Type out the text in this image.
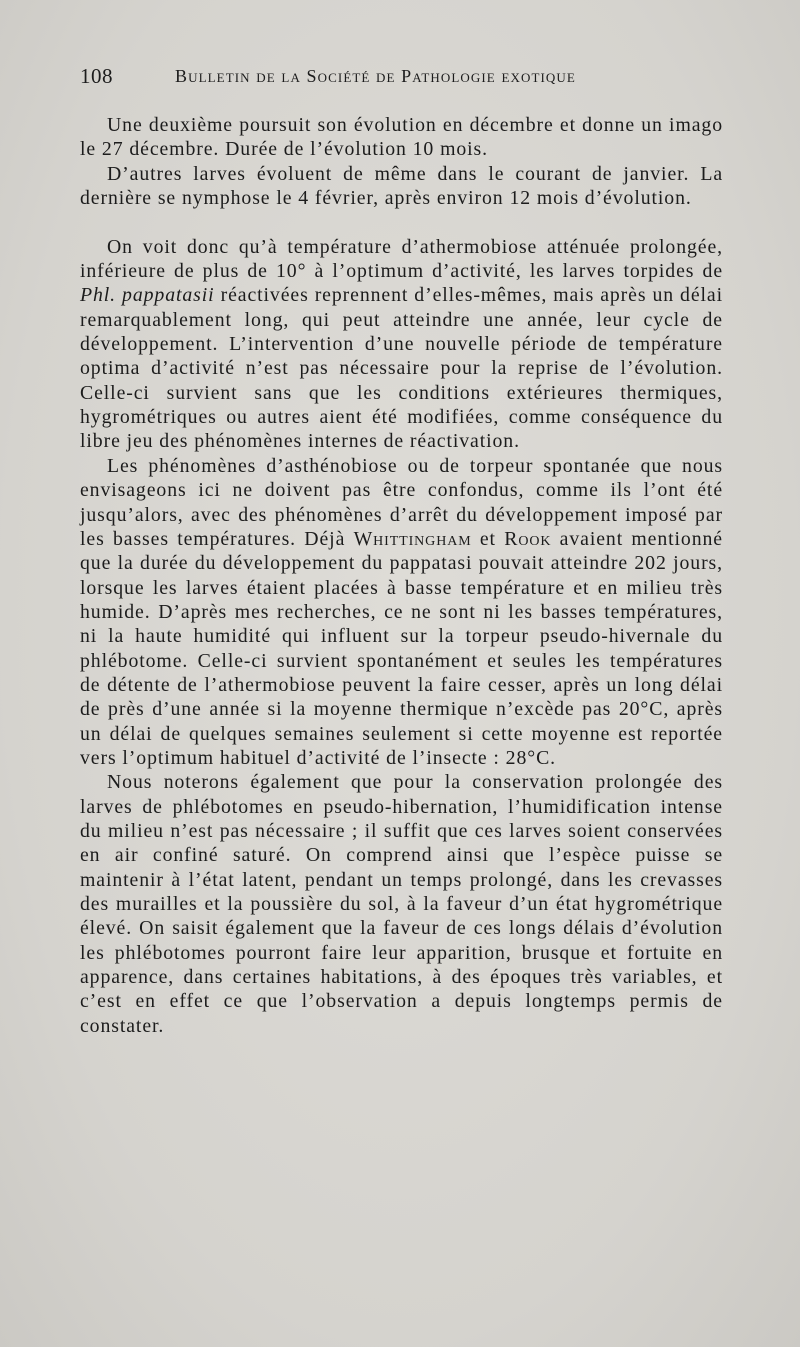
108	Bulletin de la Société de Pathologie exotique

Une deuxième poursuit son évolution en décembre et donne un imago le 27 décembre. Durée de l’évolution 10 mois.

D’autres larves évoluent de même dans le courant de janvier. La dernière se nymphose le 4 février, après environ 12 mois d’évolution.

On voit donc qu’à température d’athermobiose atténuée prolongée, inférieure de plus de 10° à l’optimum d’activité, les larves torpides de Phl. pappatasii réactivées reprennent d’elles-mêmes, mais après un délai remarquablement long, qui peut atteindre une année, leur cycle de développement. L’intervention d’une nouvelle période de température optima d’activité n’est pas nécessaire pour la reprise de l’évolution. Celle-ci survient sans que les conditions extérieures thermiques, hygrométriques ou autres aient été modifiées, comme conséquence du libre jeu des phénomènes internes de réactivation.

Les phénomènes d’asthénobiose ou de torpeur spontanée que nous envisageons ici ne doivent pas être confondus, comme ils l’ont été jusqu’alors, avec des phénomènes d’arrêt du développement imposé par les basses températures. Déjà Whittingham et Rook avaient mentionné que la durée du développement du pappatasi pouvait atteindre 202 jours, lorsque les larves étaient placées à basse température et en milieu très humide. D’après mes recherches, ce ne sont ni les basses températures, ni la haute humidité qui influent sur la torpeur pseudo-hivernale du phlébotome. Celle-ci survient spontanément et seules les températures de détente de l’athermobiose peuvent la faire cesser, après un long délai de près d’une année si la moyenne thermique n’excède pas 20°C, après un délai de quelques semaines seulement si cette moyenne est reportée vers l’optimum habituel d’activité de l’insecte : 28°C.

Nous noterons également que pour la conservation prolongée des larves de phlébotomes en pseudo-hibernation, l’humidification intense du milieu n’est pas nécessaire ; il suffit que ces larves soient conservées en air confiné saturé. On comprend ainsi que l’espèce puisse se maintenir à l’état latent, pendant un temps prolongé, dans les crevasses des murailles et la poussière du sol, à la faveur d’un état hygrométrique élevé. On saisit également que la faveur de ces longs délais d’évolution les phlébotomes pourront faire leur apparition, brusque et fortuite en apparence, dans certaines habitations, à des époques très variables, et c’est en effet ce que l’observation a depuis longtemps permis de constater.
